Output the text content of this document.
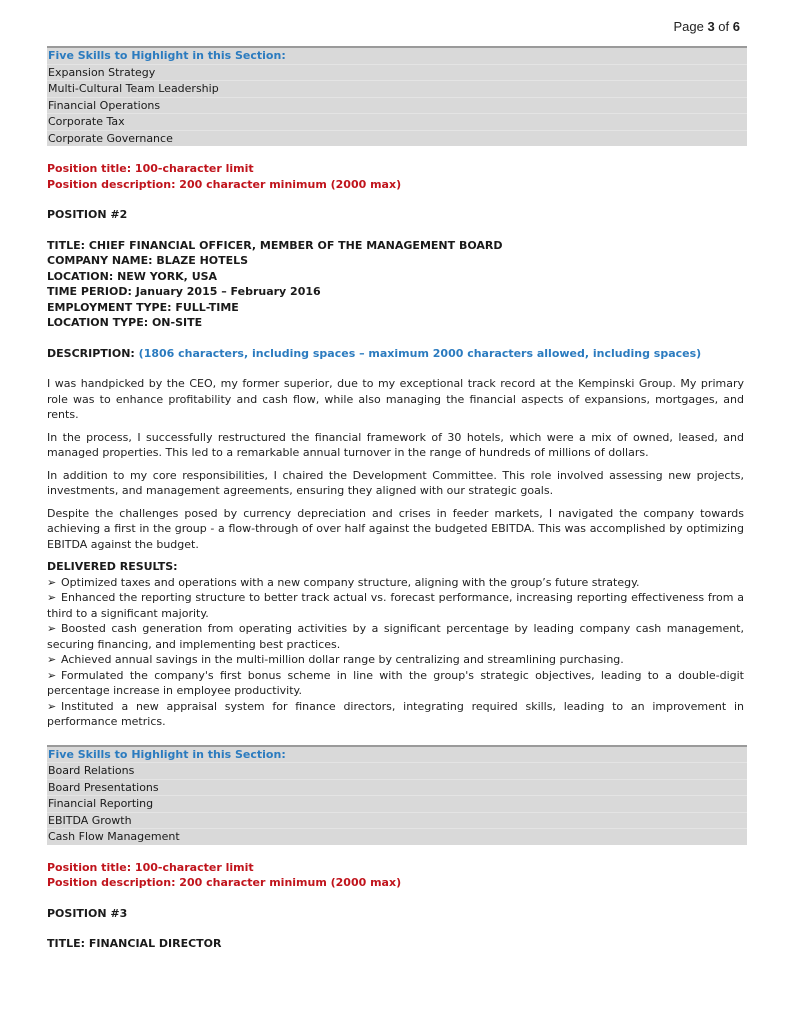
Page 3 of 6
Five Skills to Highlight in this Section:
Expansion Strategy
Multi-Cultural Team Leadership
Financial Operations
Corporate Tax
Corporate Governance
Position title: 100-character limit
Position description: 200 character minimum (2000 max)
POSITION #2
TITLE: CHIEF FINANCIAL OFFICER, MEMBER OF THE MANAGEMENT BOARD
COMPANY NAME: BLAZE HOTELS
LOCATION: NEW YORK, USA
TIME PERIOD: January 2015 – February 2016
EMPLOYMENT TYPE: FULL-TIME
LOCATION TYPE: ON-SITE
DESCRIPTION: (1806 characters, including spaces – maximum 2000 characters allowed, including spaces)

I was handpicked by the CEO, my former superior, due to my exceptional track record at the Kempinski Group. My primary role was to enhance profitability and cash flow, while also managing the financial aspects of expansions, mortgages, and rents.

In the process, I successfully restructured the financial framework of 30 hotels, which were a mix of owned, leased, and managed properties. This led to a remarkable annual turnover in the range of hundreds of millions of dollars.

In addition to my core responsibilities, I chaired the Development Committee. This role involved assessing new projects, investments, and management agreements, ensuring they aligned with our strategic goals.

Despite the challenges posed by currency depreciation and crises in feeder markets, I navigated the company towards achieving a first in the group - a flow-through of over half against the budgeted EBITDA. This was accomplished by optimizing EBITDA against the budget.

DELIVERED RESULTS:
➢ Optimized taxes and operations with a new company structure, aligning with the group’s future strategy.
➢ Enhanced the reporting structure to better track actual vs. forecast performance, increasing reporting effectiveness from a third to a significant majority.
➢ Boosted cash generation from operating activities by a significant percentage by leading company cash management, securing financing, and implementing best practices.
➢ Achieved annual savings in the multi-million dollar range by centralizing and streamlining purchasing.
➢ Formulated the company's first bonus scheme in line with the group's strategic objectives, leading to a double-digit percentage increase in employee productivity.
➢ Instituted a new appraisal system for finance directors, integrating required skills, leading to an improvement in performance metrics.
Five Skills to Highlight in this Section:
Board Relations
Board Presentations
Financial Reporting
EBITDA Growth
Cash Flow Management
Position title: 100-character limit
Position description: 200 character minimum (2000 max)
POSITION #3
TITLE: FINANCIAL DIRECTOR
